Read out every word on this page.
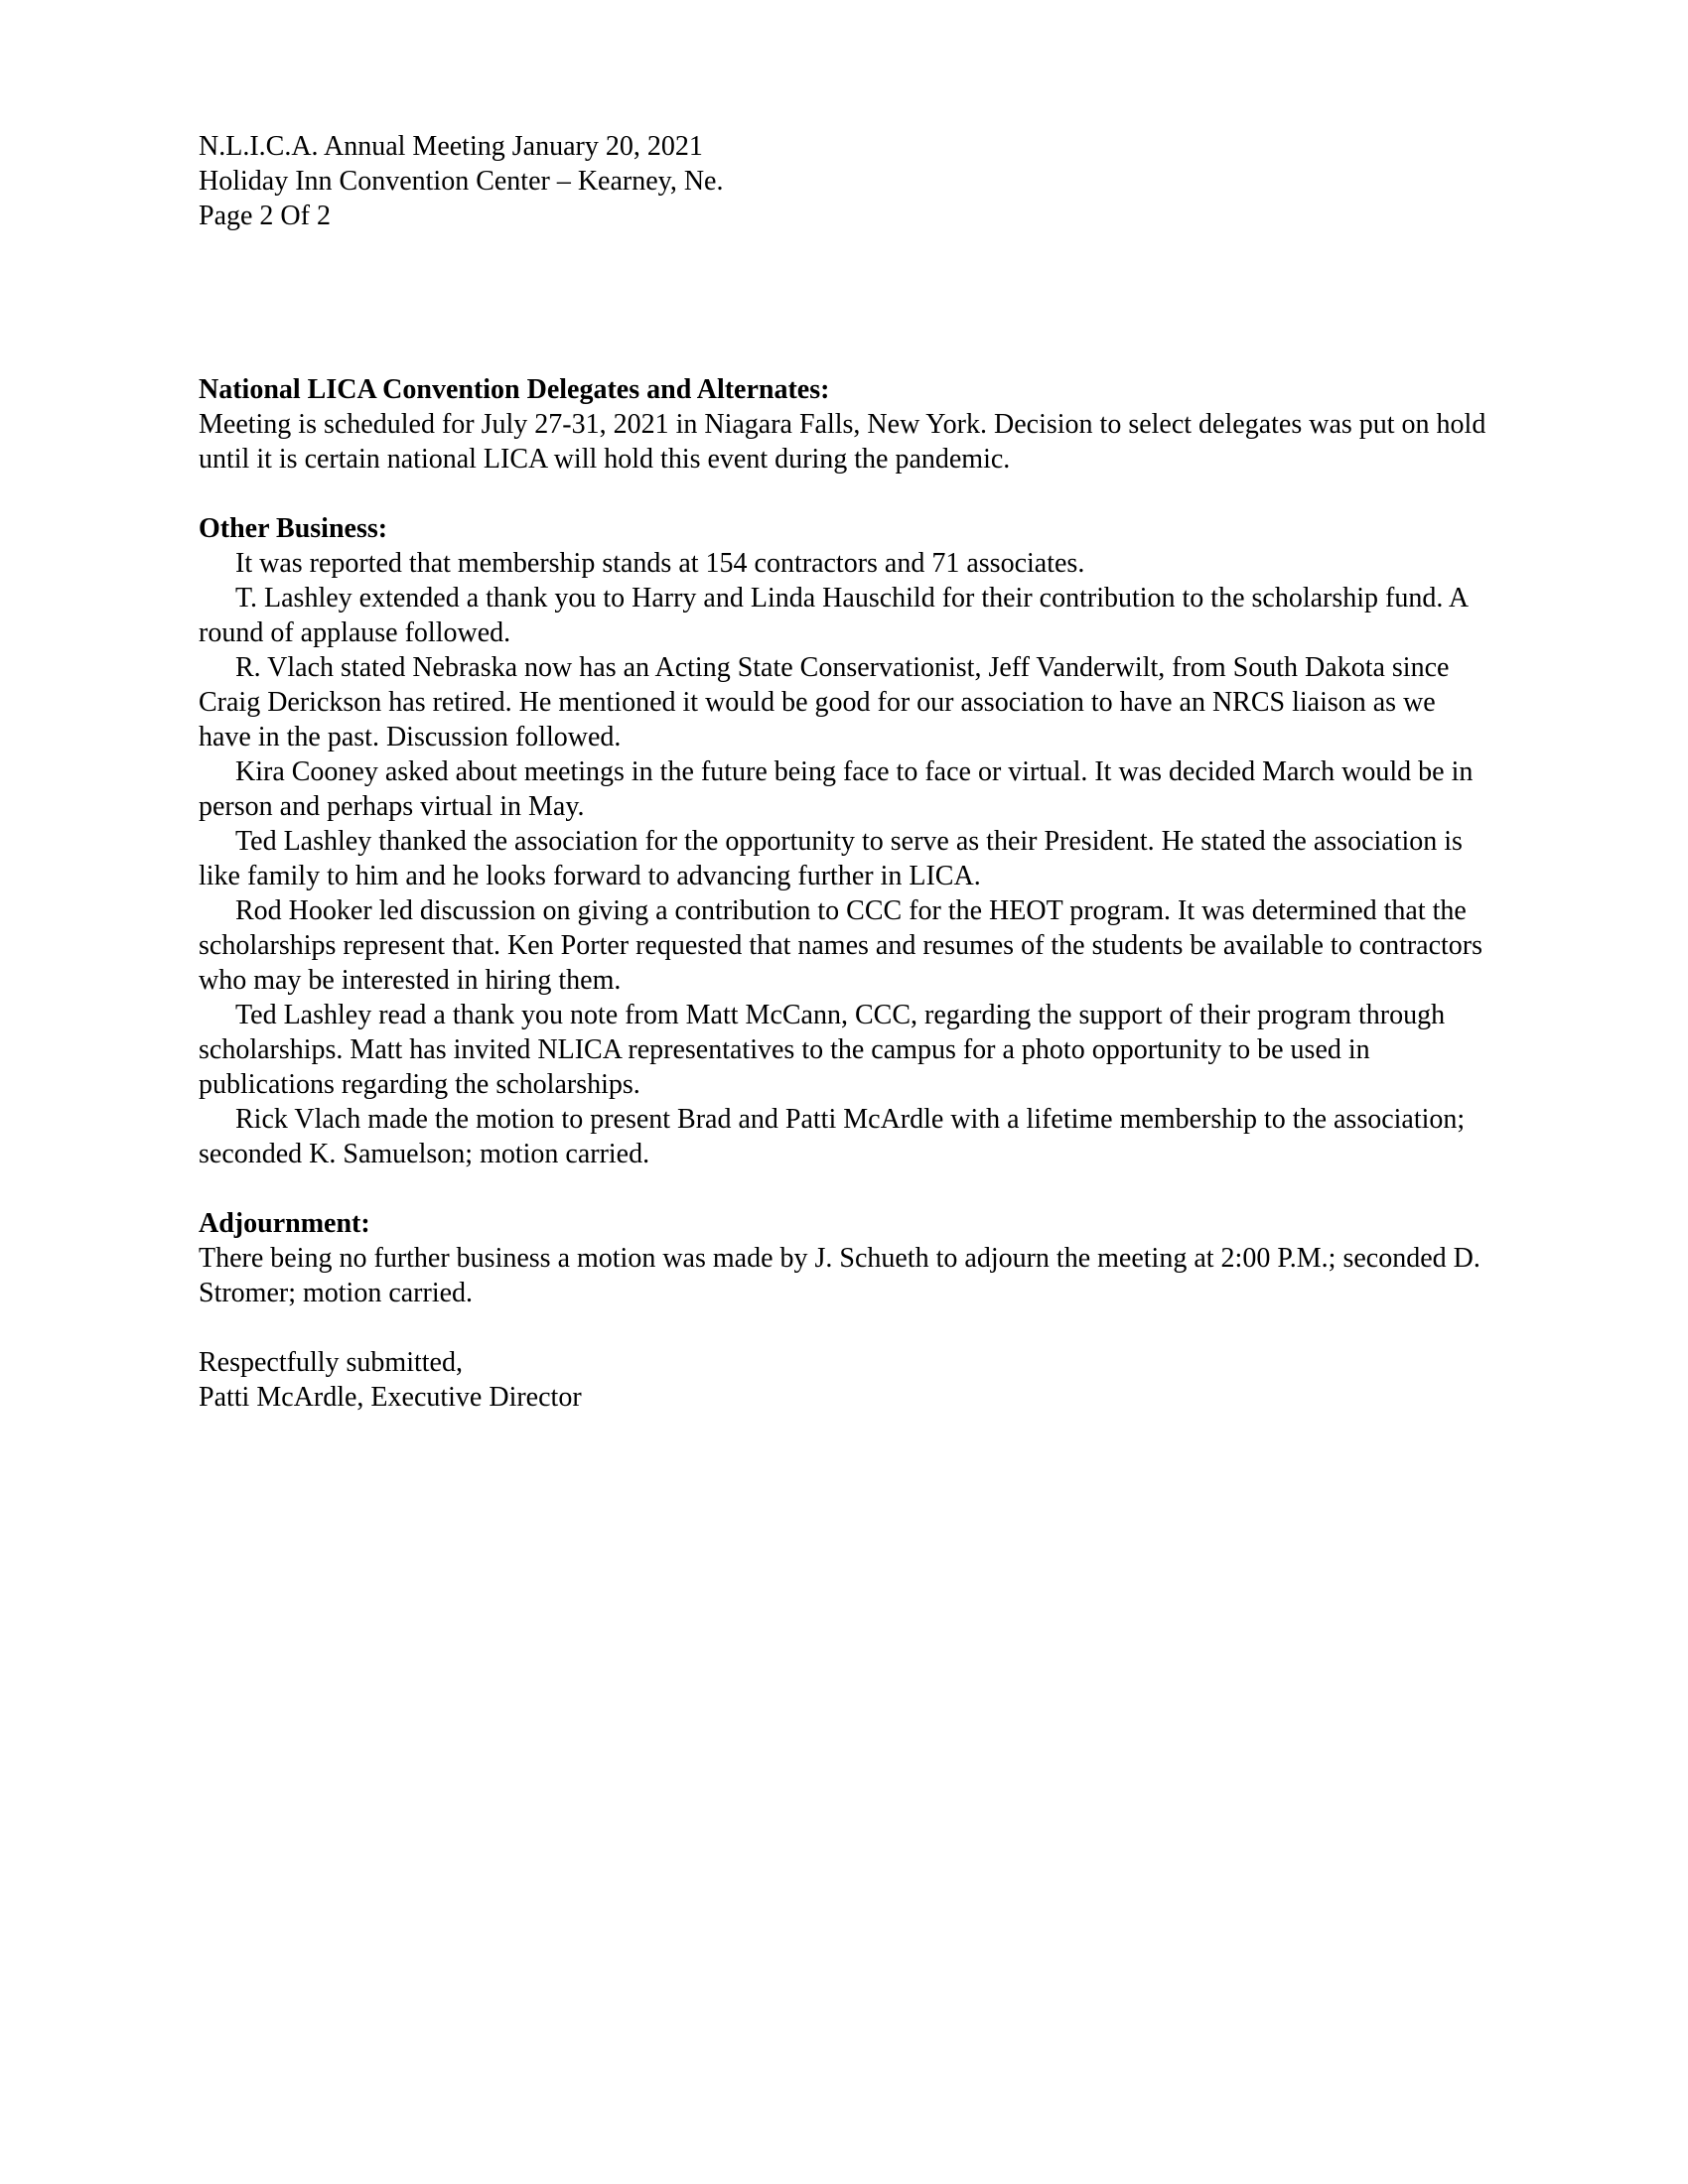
N.L.I.C.A. Annual Meeting January 20, 2021
Holiday Inn Convention Center – Kearney, Ne.
Page 2 Of 2
National LICA Convention Delegates and Alternates:

Meeting is scheduled for July 27-31, 2021 in Niagara Falls, New York. Decision to select delegates was put on hold until it is certain national LICA will hold this event during the pandemic.

Other Business:

It was reported that membership stands at 154 contractors and 71 associates.

T. Lashley extended a thank you to Harry and Linda Hauschild for their contribution to the scholarship fund. A round of applause followed.

R. Vlach stated Nebraska now has an Acting State Conservationist, Jeff Vanderwilt, from South Dakota since Craig Derickson has retired. He mentioned it would be good for our association to have an NRCS liaison as we have in the past. Discussion followed.

Kira Cooney asked about meetings in the future being face to face or virtual. It was decided March would be in person and perhaps virtual in May.

Ted Lashley thanked the association for the opportunity to serve as their President. He stated the association is like family to him and he looks forward to advancing further in LICA.

Rod Hooker led discussion on giving a contribution to CCC for the HEOT program. It was determined that the scholarships represent that. Ken Porter requested that names and resumes of the students be available to contractors who may be interested in hiring them.

Ted Lashley read a thank you note from Matt McCann, CCC, regarding the support of their program through scholarships. Matt has invited NLICA representatives to the campus for a photo opportunity to be used in publications regarding the scholarships.

Rick Vlach made the motion to present Brad and Patti McArdle with a lifetime membership to the association; seconded K. Samuelson; motion carried.

Adjournment:

There being no further business a motion was made by J. Schueth to adjourn the meeting at 2:00 P.M.; seconded D. Stromer; motion carried.

Respectfully submitted,
Patti McArdle, Executive Director
